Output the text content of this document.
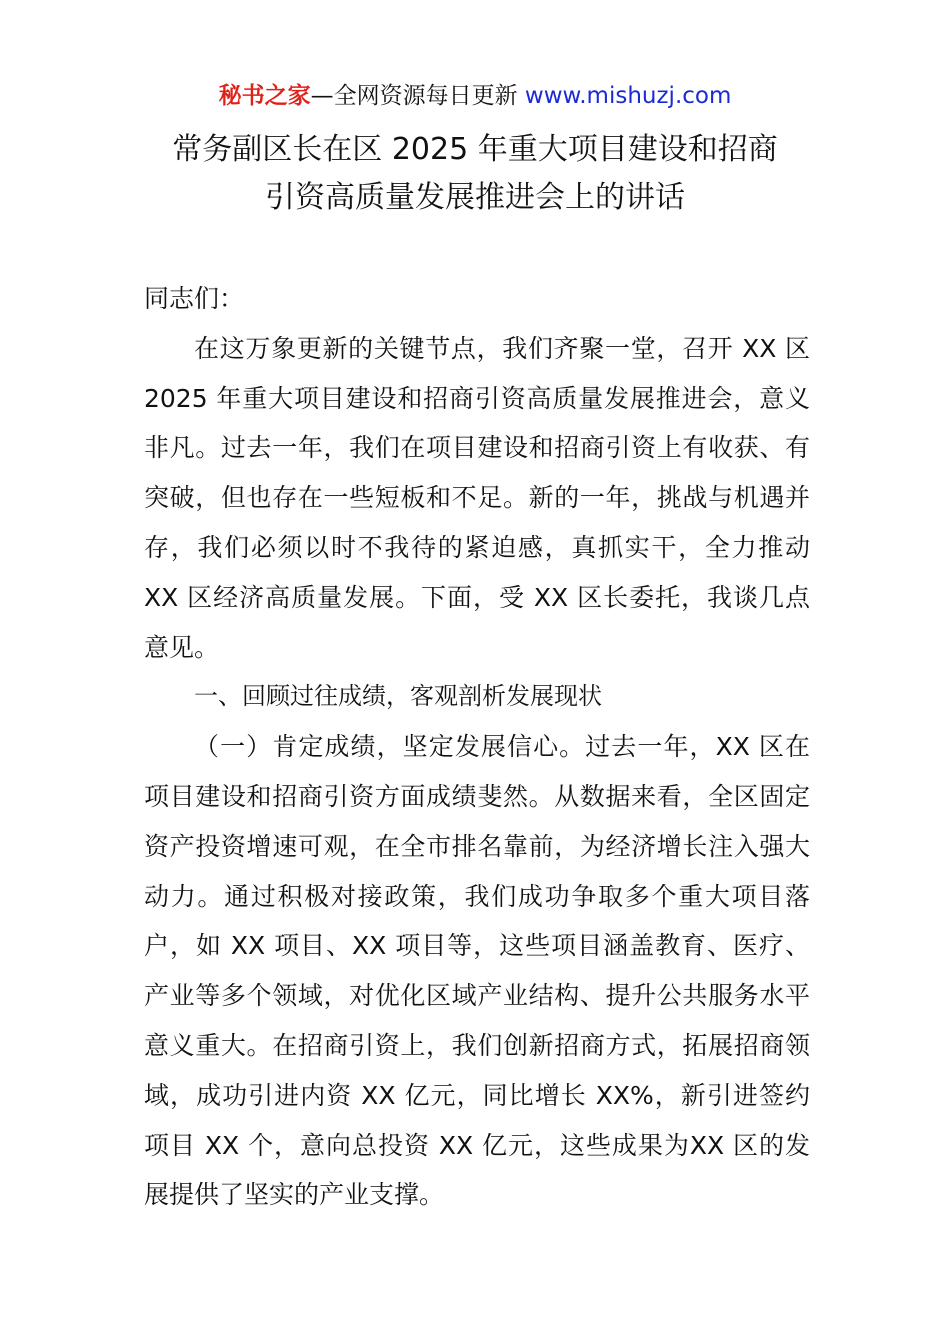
秘书之家—全网资源每日更新 www.mishuzj.com
常务副区长在区 2025 年重大项目建设和招商
引资高质量发展推进会上的讲话

同志们：

在这万象更新的关键节点，我们齐聚一堂，召开 XX 区2025 年重大项目建设和招商引资高质量发展推进会，意义非凡。过去一年，我们在项目建设和招商引资上有收获、有突破，但也存在一些短板和不足。新的一年，挑战与机遇并存，我们必须以时不我待的紧迫感，真抓实干，全力推动 XX 区经济高质量发展。下面，受 XX 区长委托，我谈几点意见。

一、回顾过往成绩，客观剖析发展现状

（一）肯定成绩，坚定发展信心。过去一年，XX 区在项目建设和招商引资方面成绩斐然。从数据来看，全区固定资产投资增速可观，在全市排名靠前，为经济增长注入强大动力。通过积极对接政策，我们成功争取多个重大项目落户，如 XX 项目、XX 项目等，这些项目涵盖教育、医疗、产业等多个领域，对优化区域产业结构、提升公共服务水平意义重大。在招商引资上，我们创新招商方式，拓展招商领域，成功引进内资 XX 亿元，同比增长 XX%，新引进签约项目 XX 个，意向总投资 XX 亿元，这些成果为XX 区的发展提供了坚实的产业支撑。
